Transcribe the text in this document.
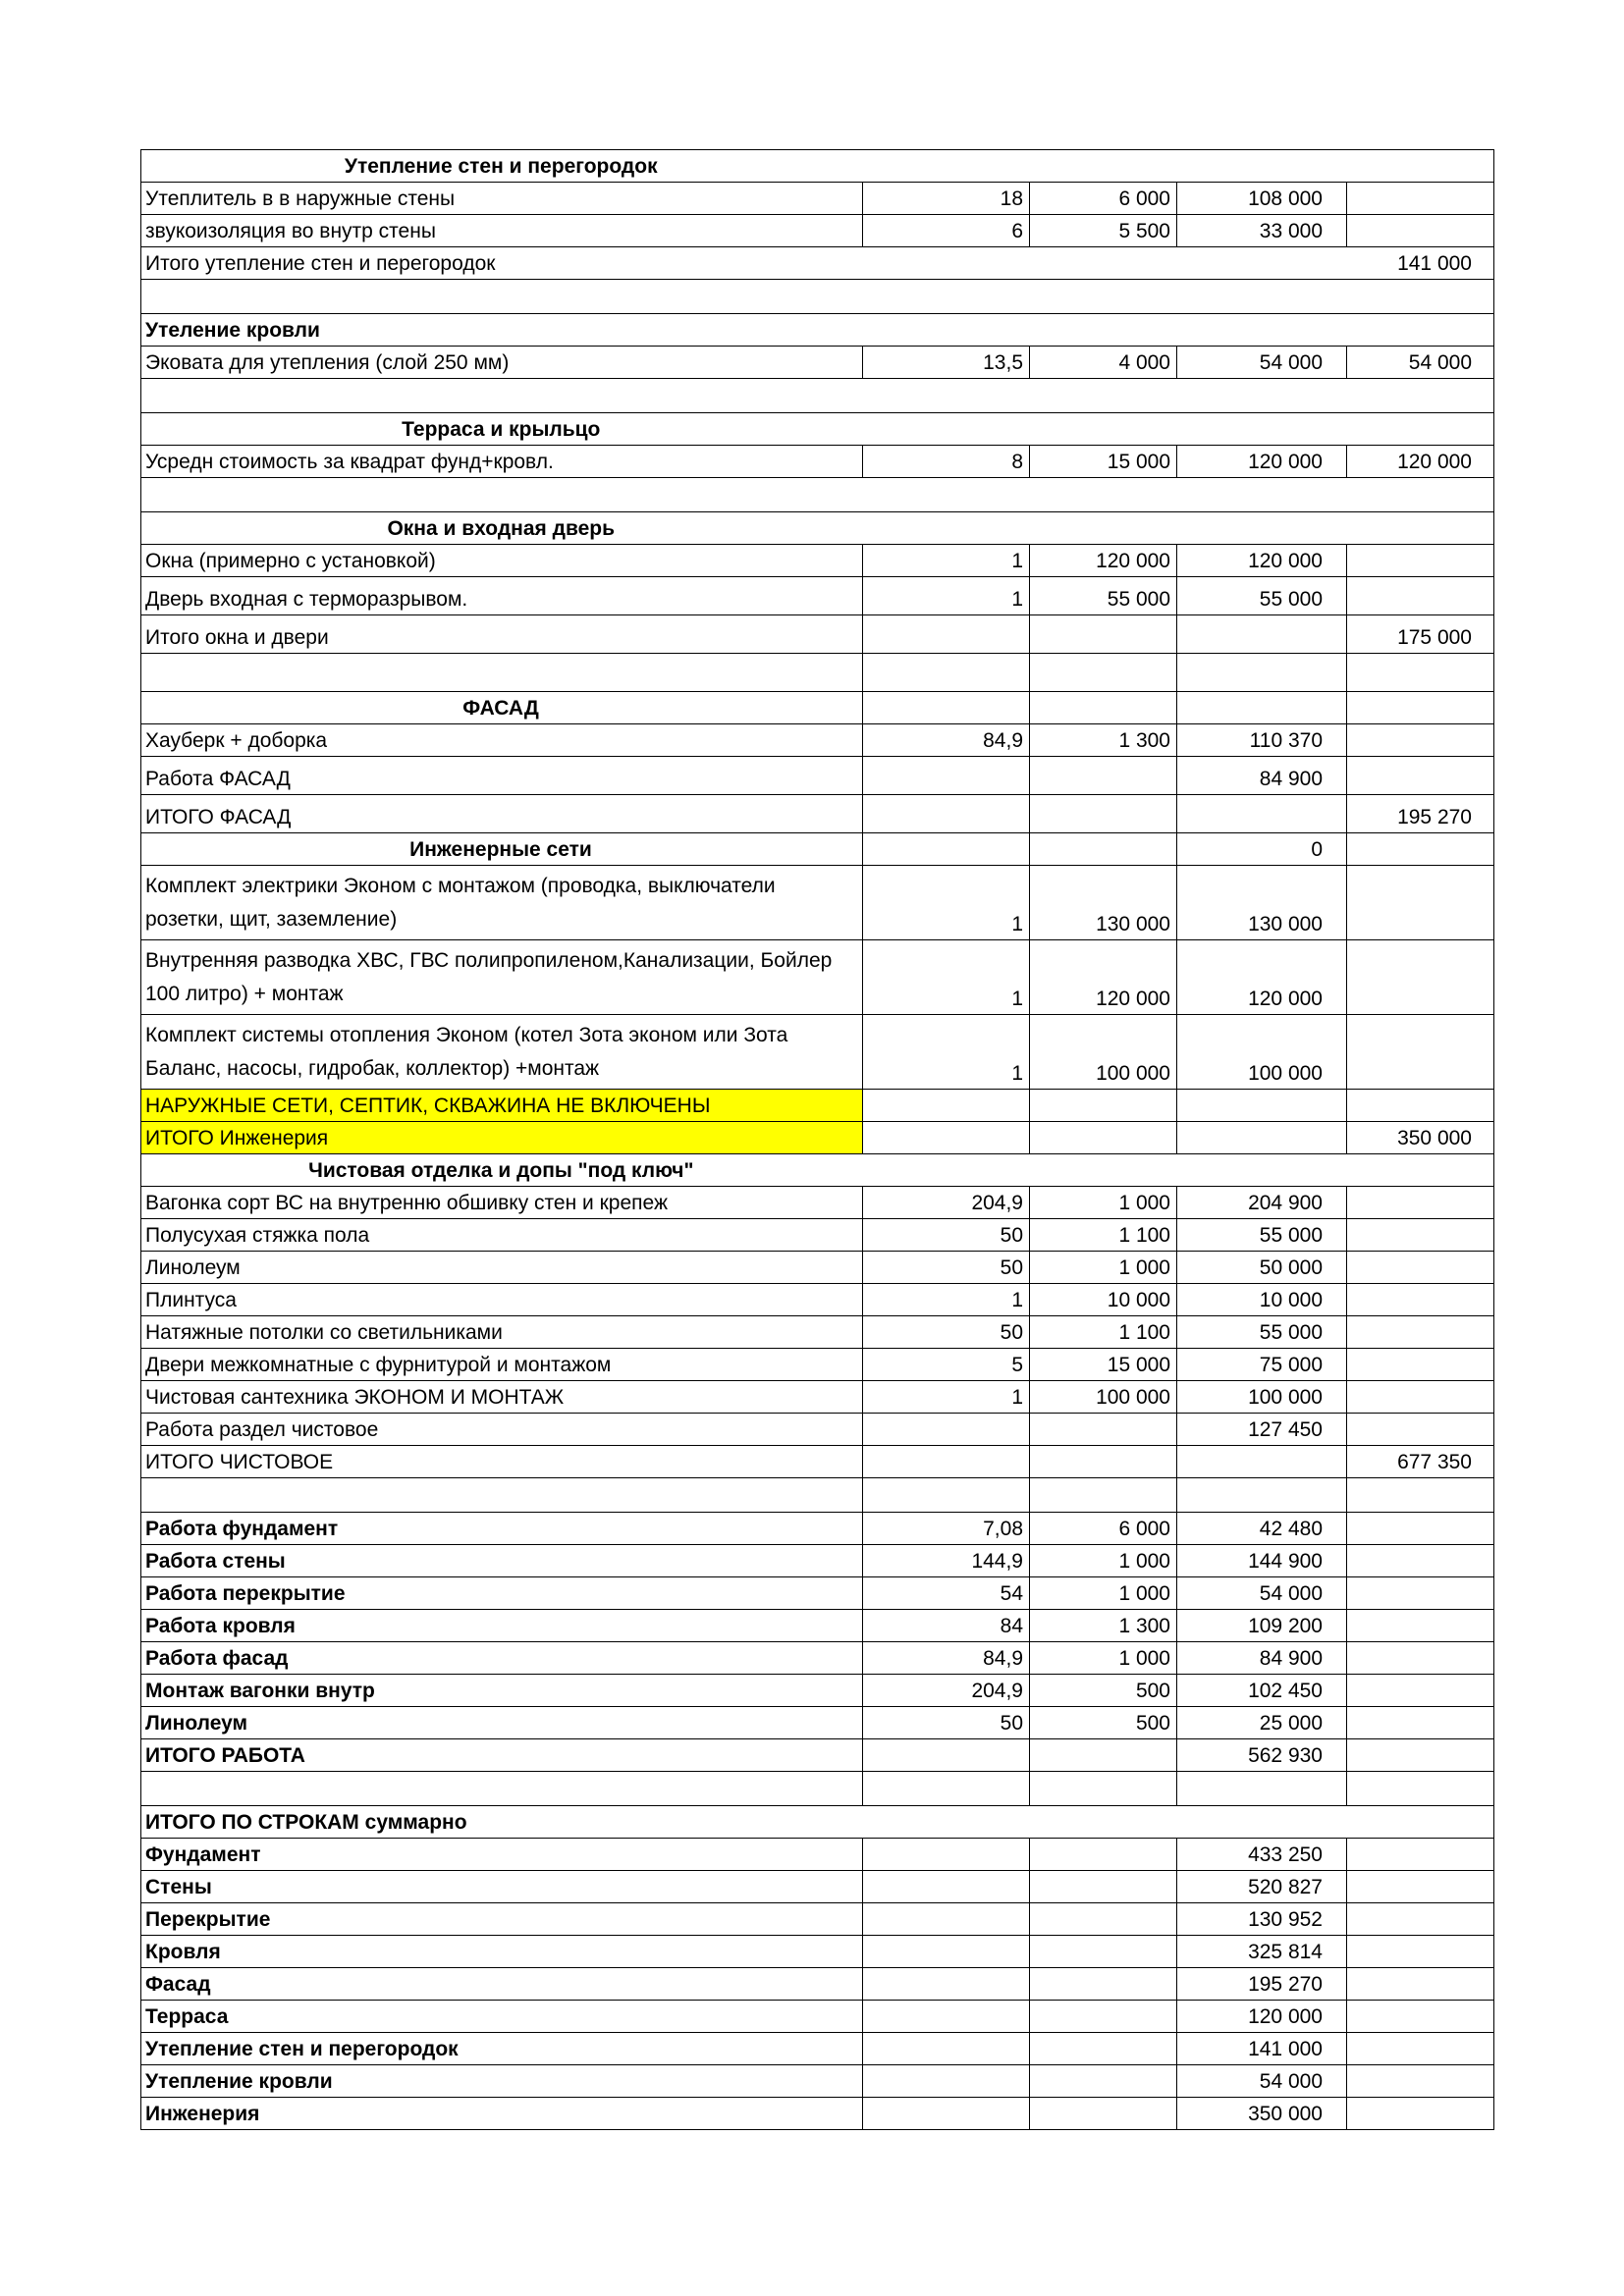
Утепление стен и перегородок				
Утеплитель в в наружные стены	18	6 000	108 000	
звукоизоляция во внутр стены	6	5 500	33 000	
Итого утепление стен и перегородок				141 000

Утеление кровли				
Эковата для утепления (слой 250 мм)	13,5	4 000	54 000	54 000

Терраса и крыльцо				
Усредн стоимость за квадрат фунд+кровл.	8	15 000	120 000	120 000

Окна и входная дверь				
Окна (примерно с установкой)	1	120 000	120 000	
Дверь входная с терморазрывом.	1	55 000	55 000	
Итого окна и двери				175 000

ФАСАД				
Хауберк + доборка	84,9	1 300	110 370	
Работа ФАСАД			84 900	
ИТОГО ФАСАД				195 270
Инженерные сети			0	
Комплект электрики Эконом с монтажом (проводка, выключатели розетки, щит, заземление)	1	130 000	130 000	
Внутренняя разводка ХВС, ГВС полипропиленом,Канализации, Бойлер 100 литро) + монтаж	1	120 000	120 000	
Комплект системы отопления Эконом (котел Зота эконом или Зота Баланс, насосы, гидробак, коллектор) +монтаж	1	100 000	100 000	
НАРУЖНЫЕ СЕТИ, СЕПТИК, СКВАЖИНА НЕ ВКЛЮЧЕНЫ				
ИТОГО Инженерия				350 000
Чистовая отделка и допы "под ключ"				
Вагонка сорт ВС на внутренню обшивку стен и крепеж	204,9	1 000	204 900	
Полусухая стяжка пола	50	1 100	55 000	
Линолеум	50	1 000	50 000	
Плинтуса	1	10 000	10 000	
Натяжные потолки со светильниками	50	1 100	55 000	
Двери межкомнатные с фурнитурой и монтажом	5	15 000	75 000	
Чистовая сантехника ЭКОНОМ И МОНТАЖ	1	100 000	100 000	
Работа раздел чистовое			127 450	
ИТОГО ЧИСТОВОЕ				677 350

Работа фундамент	7,08	6 000	42 480	
Работа стены	144,9	1 000	144 900	
Работа перекрытие	54	1 000	54 000	
Работа кровля	84	1 300	109 200	
Работа фасад	84,9	1 000	84 900	
Монтаж вагонки внутр	204,9	500	102 450	
Линолеум	50	500	25 000	
ИТОГО РАБОТА			562 930	

ИТОГО ПО СТРОКАМ суммарно				
Фундамент			433 250	
Стены			520 827	
Перекрытие			130 952	
Кровля			325 814	
Фасад			195 270	
Терраса			120 000	
Утепление стен и перегородок			141 000	
Утепление кровли			54 000	
Инженерия			350 000	
